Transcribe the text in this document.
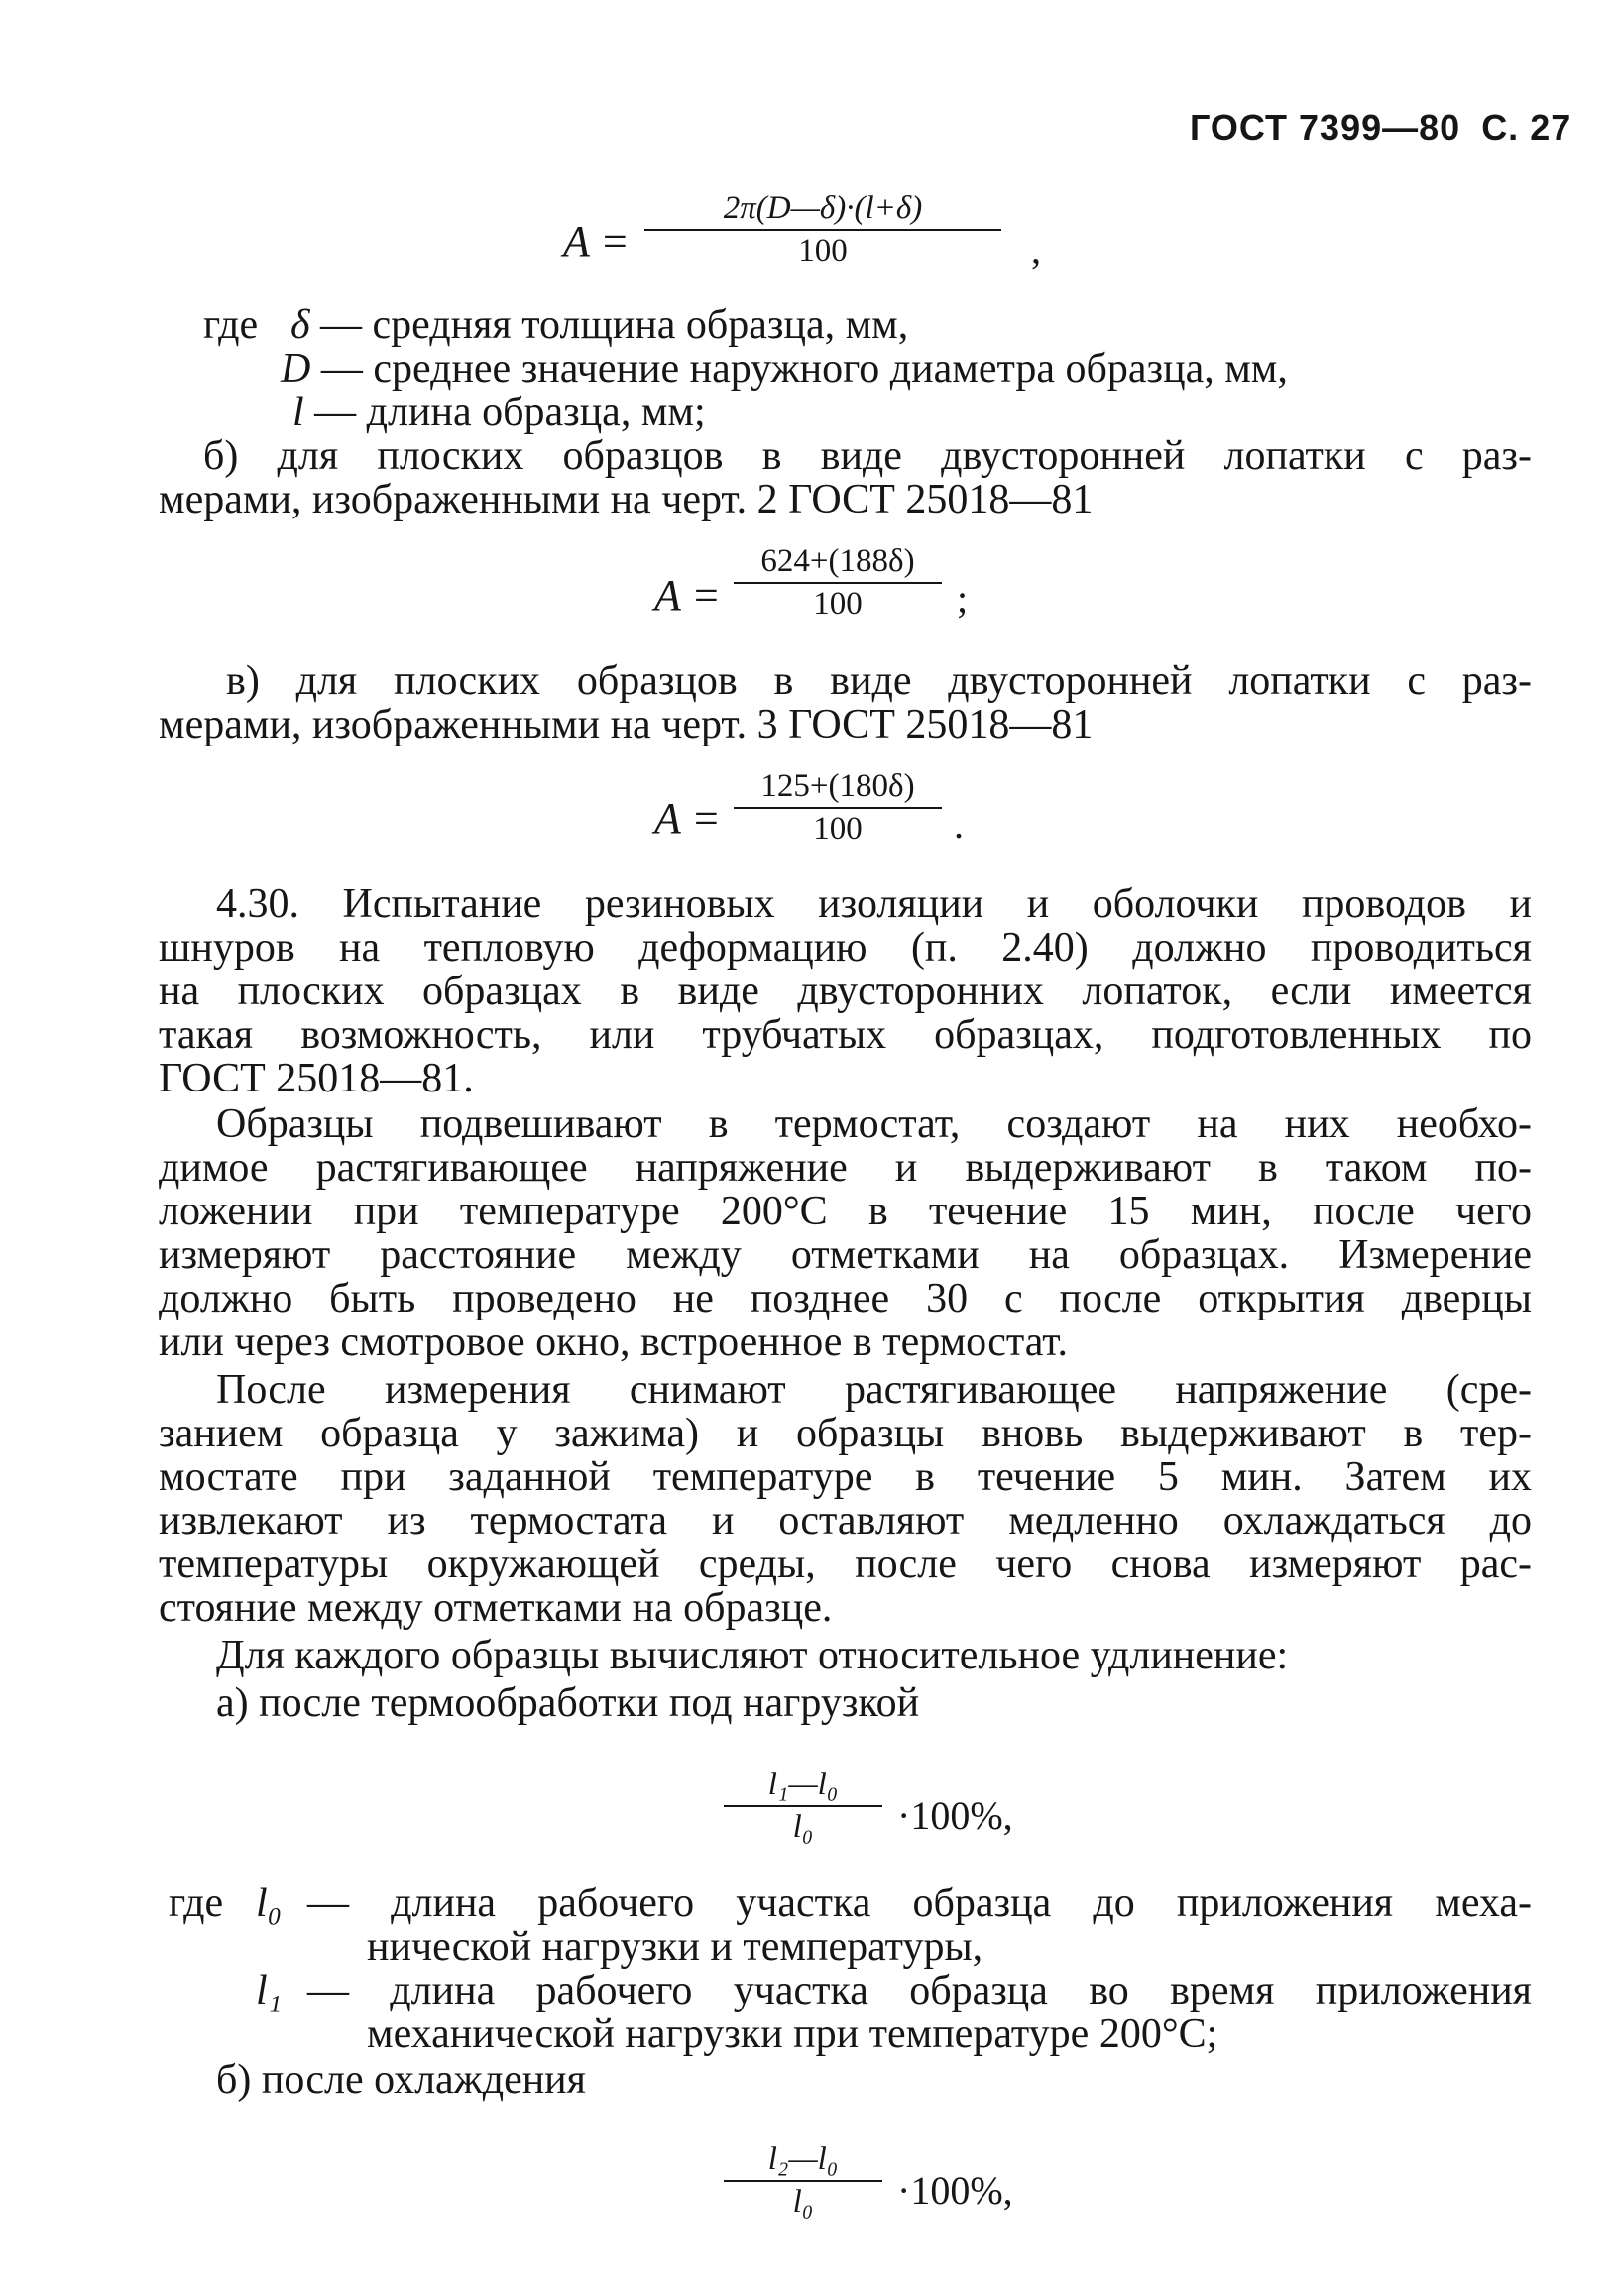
ГОСТ 7399—80 С. 27
A =
2π(D—δ)·(l+δ)
100	,
где δ — средняя толщина образца, мм,
D — среднее значение наружного диаметра образца, мм,
l — длина образца, мм;
б) для плоских образцов в виде двусторонней лопатки с раз-
мерами, изображенными на черт. 2 ГОСТ 25018—81
A =
624+(188δ)
100	;
в) для плоских образцов в виде двусторонней лопатки с раз-
мерами, изображенными на черт. 3 ГОСТ 25018—81
A =
125+(180δ)
100	.
4.30. Испытание резиновых изоляции и оболочки проводов и
шнуров на тепловую деформацию (п. 2.40) должно проводиться
на плоских образцах в виде двусторонних лопаток, если имеется
такая возможность, или трубчатых образцах, подготовленных по
ГОСТ 25018—81.
Образцы подвешивают в термостат, создают на них необхо-
димое растягивающее напряжение и выдерживают в таком по-
ложении при температуре 200°С в течение 15 мин, после чего
измеряют расстояние между отметками на образцах. Измерение
должно быть проведено не позднее 30 с после открытия дверцы
или через смотровое окно, встроенное в термостат.
После измерения снимают растягивающее напряжение (сре-
занием образца у зажима) и образцы вновь выдерживают в тер-
мостате при заданной температуре в течение 5 мин. Затем их
извлекают из термостата и оставляют медленно охлаждаться до
температуры окружающей среды, после чего снова измеряют рас-
стояние между отметками на образце.
Для каждого образцы вычисляют относительное удлинение:
а) после термообработки под нагрузкой
l₁—l₀
l₀	·100%,
где l₀ — длина рабочего участка образца до приложения меха-
нической нагрузки и температуры,
l₁ — длина рабочего участка образца во время приложения
механической нагрузки при температуре 200°С;
б) после охлаждения
l₂—l₀
l₀	·100%,
